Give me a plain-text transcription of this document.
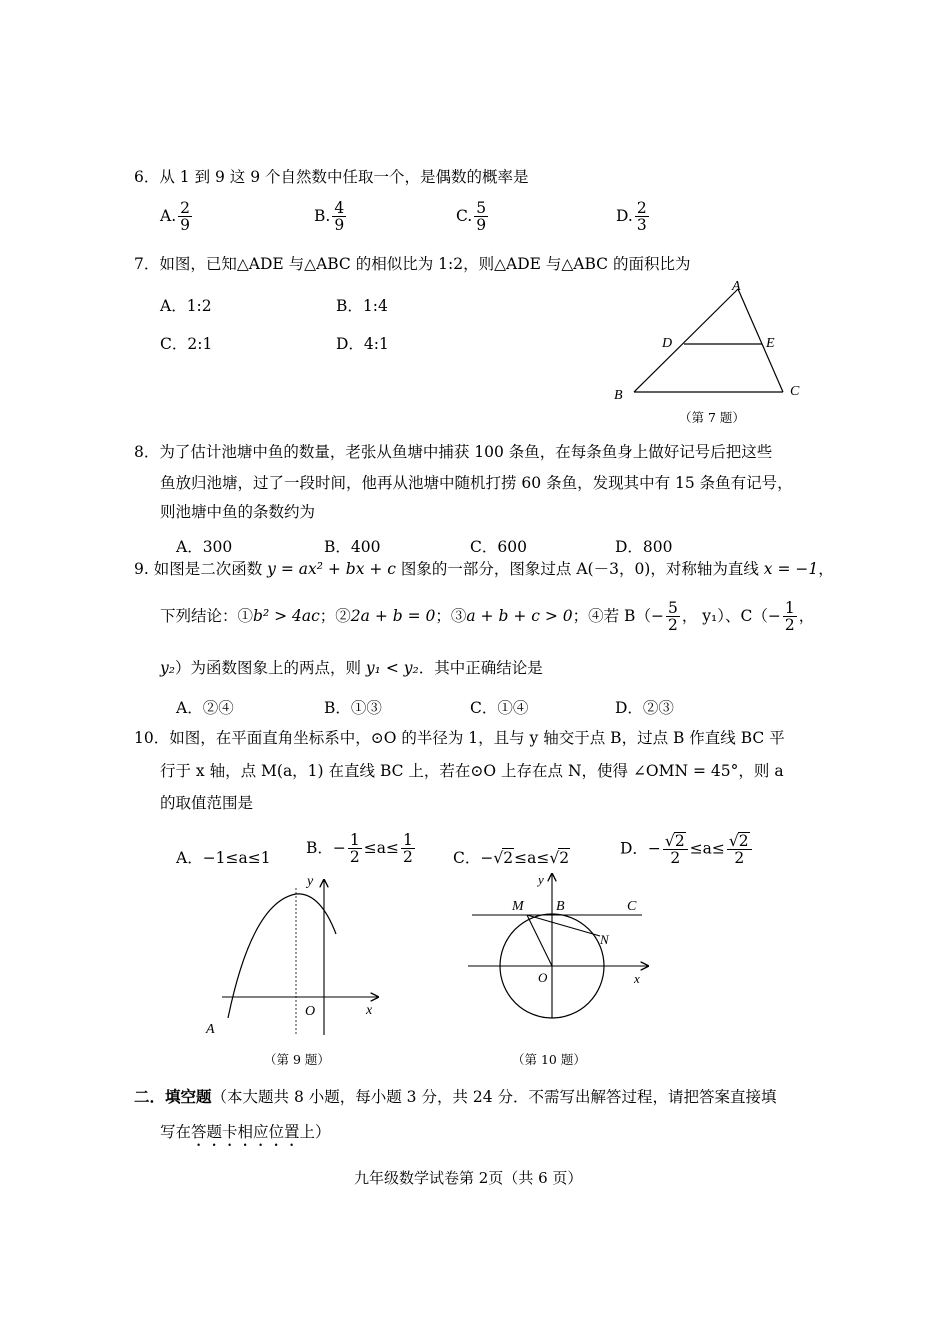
6．从 1 到 9 这 9 个自然数中任取一个，是偶数的概率是
A. $\frac{2}{9}$	B. $\frac{4}{9}$	C. $\frac{5}{9}$	D. $\frac{2}{3}$
7．如图，已知△ADE 与△ABC 的相似比为 1:2，则△ADE 与△ABC 的面积比为
A．1:2	B．1:4
C．2:1	D．4:1
A
D	E
B	C
（第 7 题）
8．为了估计池塘中鱼的数量，老张从鱼塘中捕获 100 条鱼，在每条鱼身上做好记号后把这些
鱼放归池塘，过了一段时间，他再从池塘中随机打捞 60 条鱼，发现其中有 15 条鱼有记号，
则池塘中鱼的条数约为
A．300	B．400	C．600	D．800
9. 如图是二次函数 y = ax² + bx + c 图象的一部分，图象过点 A(－3，0)，对称轴为直线 x = −1，
下列结论：①b² > 4ac；②2a + b = 0；③a + b + c > 0；④若 $B(- \frac{5}{2}$ ， y₁）、$C(- \frac{1}{2}$ ，
y₂）为函数图象上的两点，则 y₁ < y₂．其中正确结论是
A．②④	B．①③	C．①④	D．②③
10．如图，在平面直角坐标系中，⊙O 的半径为 1，且与 y 轴交于点 B，过点 B 作直线 BC 平
行于 x 轴，点 M(a，1) 在直线 BC 上，若在⊙O 上存在点 N，使得 ∠OMN = 45°，则 a
的取值范围是
A．−1≤a≤1
B．− $\frac{1}{2} \le a\le \frac{1}{2}$ C．−√2≤a≤√2
D．− $\frac{√2}{2} \le a\le \frac{√2}{2}$
y
x
O
A
（第 9 题）
y
x
O
M B	C
N
（第 10 题）
二．填空题（本大题共 8 小题，每小题 3 分，共 24 分．不需写出解答过程，请把答案直接填
写在答题卡相应位置上）
九年级数学试卷第 2页（共 6 页）
